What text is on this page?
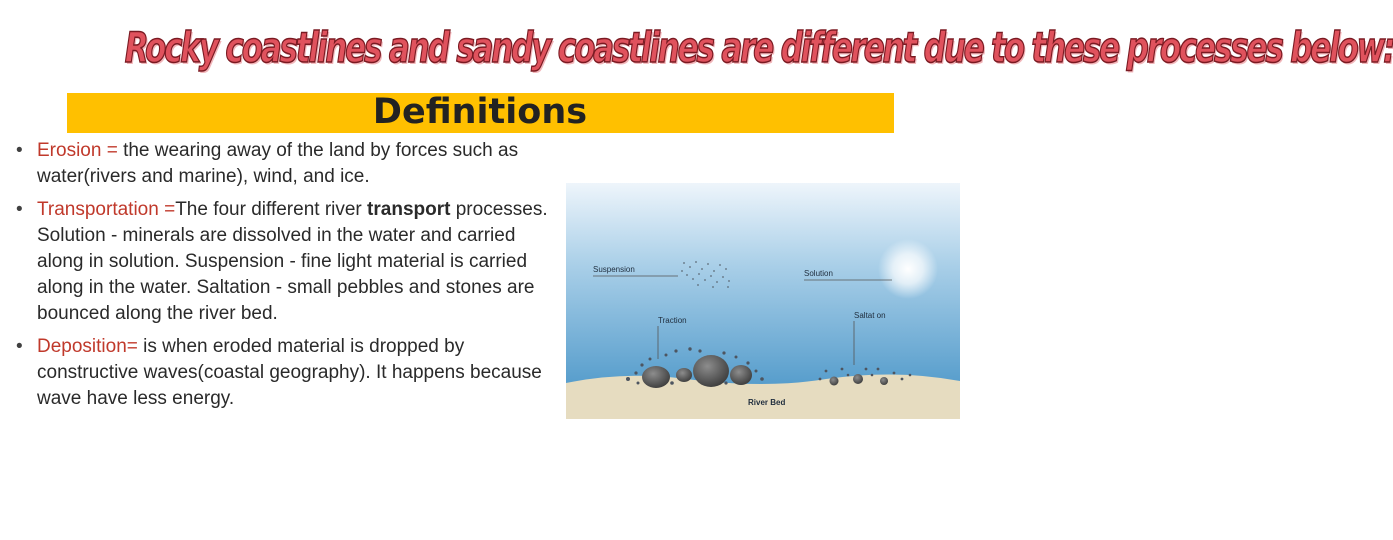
Rocky coastlines and sandy coastlines are different due to these processes below:
Definitions
• Erosion = the wearing away of the land by forces such as water(rivers and marine), wind, and ice.
• Transportation =The four different river transport processes. Solution - minerals are dissolved in the water and carried along in solution. Suspension - fine light material is carried along in the water. Saltation - small pebbles and stones are bounced along the river bed.
• Deposition= is when eroded material is dropped by constructive waves(coastal geography). It happens because wave have less energy.
Suspension	Solution
Traction
Saltat on
River Bed
